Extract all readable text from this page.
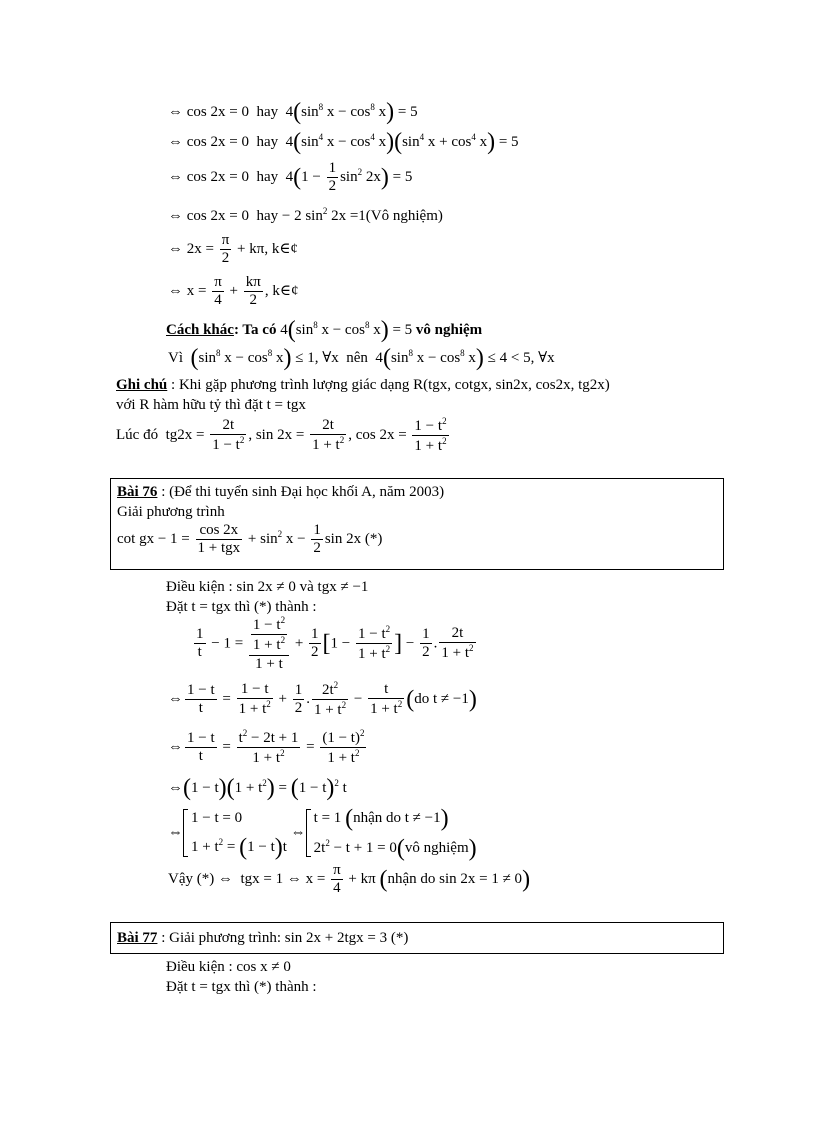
⇔ cos 2x = 0  hay  $4(\sin^8$ $x - \cos^8 x) = 5$
⇔ cos 2x = 0  hay  $4(\sin^4$ $x - \cos^4 x)(\sin^4$ $x + \cos^4 x) = 5$
⇔ cos 2x = 0  hay  $4(1 - \frac{1}{2} \sin^2 2x) = 5$
⇔ cos 2x = 0  hay − 2 $\sin^2 2x$ =1(Vô nghiệm)
⇔ $2x = \frac{\pi}{2} + k\pi$, k∈¢
⇔ $x = \frac{\pi}{4} + \frac{k\pi}{2}$ , k∈¢
Cách khác: Ta có $4(\sin^8$ $x - \cos^8 x) = 5$ vô nghiệm
Vì  ($\sin^8$ $x - \cos^8 x) \le 1$, ∀x  nên  $4(\sin^8$ $x - \cos^8 x) \le 4 < 5$, ∀x
Ghi chú : Khi gặp phương trình lượng giác dạng R(tgx, cotgx, sin2x, cos2x, tg2x)
với R hàm hữu tỷ thì đặt t = tgx
Lúc đó  $tg2x = \frac{2t}{1 - t^2}$ , $\sin 2x = \frac{2t}{1 + t^2}$ , $\cos 2x = \frac{1 - t^2}{1 + t^2}$
Bài 76 : (Để thi tuyển sinh Đại học khối A, năm 2003)
Giải phương trình
cot gx − $1 = \frac{\cos 2x}{\text{1 + tgx}} + \sin^2 x - \frac{1}{2}$ sin 2x (*)
Điều kiện : sin 2x ≠ 0 và tgx ≠ −1
Đặt t = tgx thì (*) thành :
$\frac{1}{t} - 1 = \frac{\frac{1 - t^2}{1 + t^2}}{1 + t} + \frac{1}{2} [1 - \frac{1 - t^2}{1 + t^2}$ ] − $\frac{1}{2}$ . $\frac{2t}{1 + t^2}$
⇔ $\frac{1 - t}{t} = \frac{1 - t}{1 + t^2} + \frac{1}{2}$ . $\frac{2t^2}{1 + t^2} - \frac{t}{1 + t^2} (do$ t ≠ −1)
⇔ $\frac{1 - t}{t} = \frac{t^2 - 2t + 1}{1 + t^2} = \frac{(1 - t)^2}{1 + t^2}$
⇔(1 − $t)(1 + t^2) = (1 - t)^2$ t
⇔1 − t = 0
$1 + t^2 = (1 - t)t$ ⇔t = 1 (nhận do t ≠ −1)
$2t^2 - t + 1$ = 0(vô nghiệm)
Vậy (*) ⇔  tgx = 1 ⇔ $x = \frac{\pi}{4} + k\pi$ (nhận do sin 2x = 1 ≠ 0)
Bài 77 : Giải phương trình: sin 2x + 2tgx = 3 (*)
Điều kiện : cos x ≠ 0
Đặt t = tgx thì (*) thành :
